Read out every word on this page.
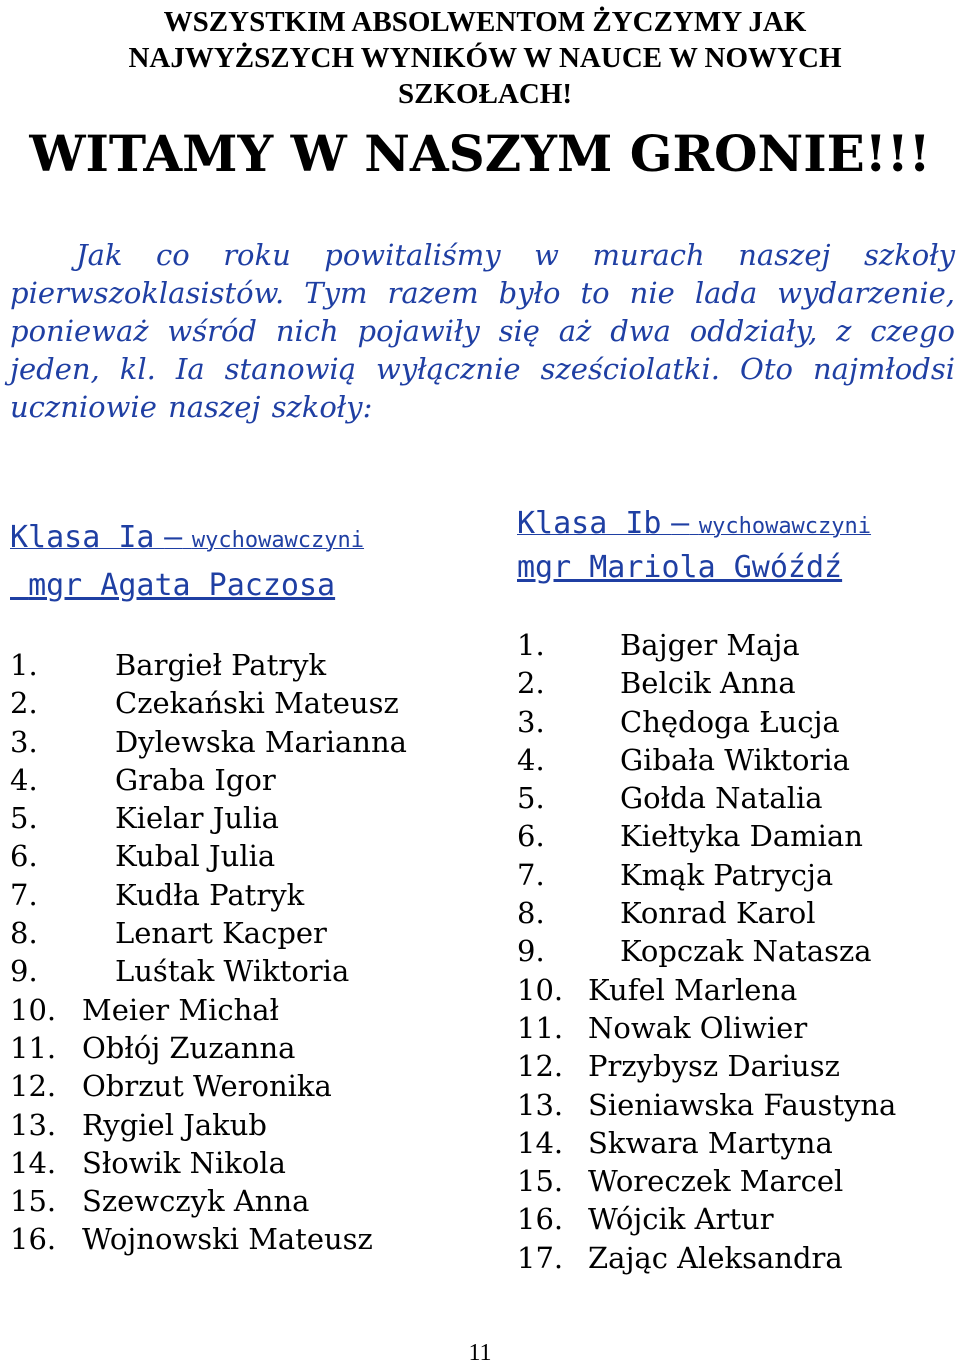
WSZYSTKIM ABSOLWENTOM ŻYCZYMY JAK
NAJWYŻSZYCH WYNIKÓW W NAUCE W NOWYCH
SZKOŁACH!
WITAMY W NASZYM GRONIE!!!
Jak co roku powitaliśmy w murach naszej szkoły pierwszoklasistów. Tym razem było to nie lada wydarzenie, ponieważ wśród nich pojawiły się aż dwa oddziały, z czego jeden, kl. Ia stanowią wyłącznie sześciolatki. Oto najmłodsi uczniowie naszej szkoły:
Klasa Ia – wychowawczyni
mgr Agata Paczosa
Klasa Ib – wychowawczyni
mgr Mariola Gwóźdź
1.	Bargieł Patryk
2.	Czekański Mateusz
3.	Dylewska Marianna
4.	Graba Igor
5.	Kielar Julia
6.	Kubal Julia
7.	Kudła Patryk
8.	Lenart Kacper
9.	Luśtak Wiktoria
10. Meier Michał
11. Obłój Zuzanna
12. Obrzut Weronika
13. Rygiel Jakub
14. Słowik Nikola
15. Szewczyk Anna
16. Wojnowski Mateusz
1.	Bajger Maja
2.	Belcik Anna
3.	Chędoga Łucja
4.	Gibała Wiktoria
5.	Gołda Natalia
6.	Kiełtyka Damian
7.	Kmąk Patrycja
8.	Konrad Karol
9.	Kopczak Natasza
10. Kufel Marlena
11. Nowak Oliwier
12. Przybysz Dariusz
13. Sieniawska Faustyna
14. Skwara Martyna
15. Woreczek Marcel
16. Wójcik Artur
17. Zając Aleksandra
11
